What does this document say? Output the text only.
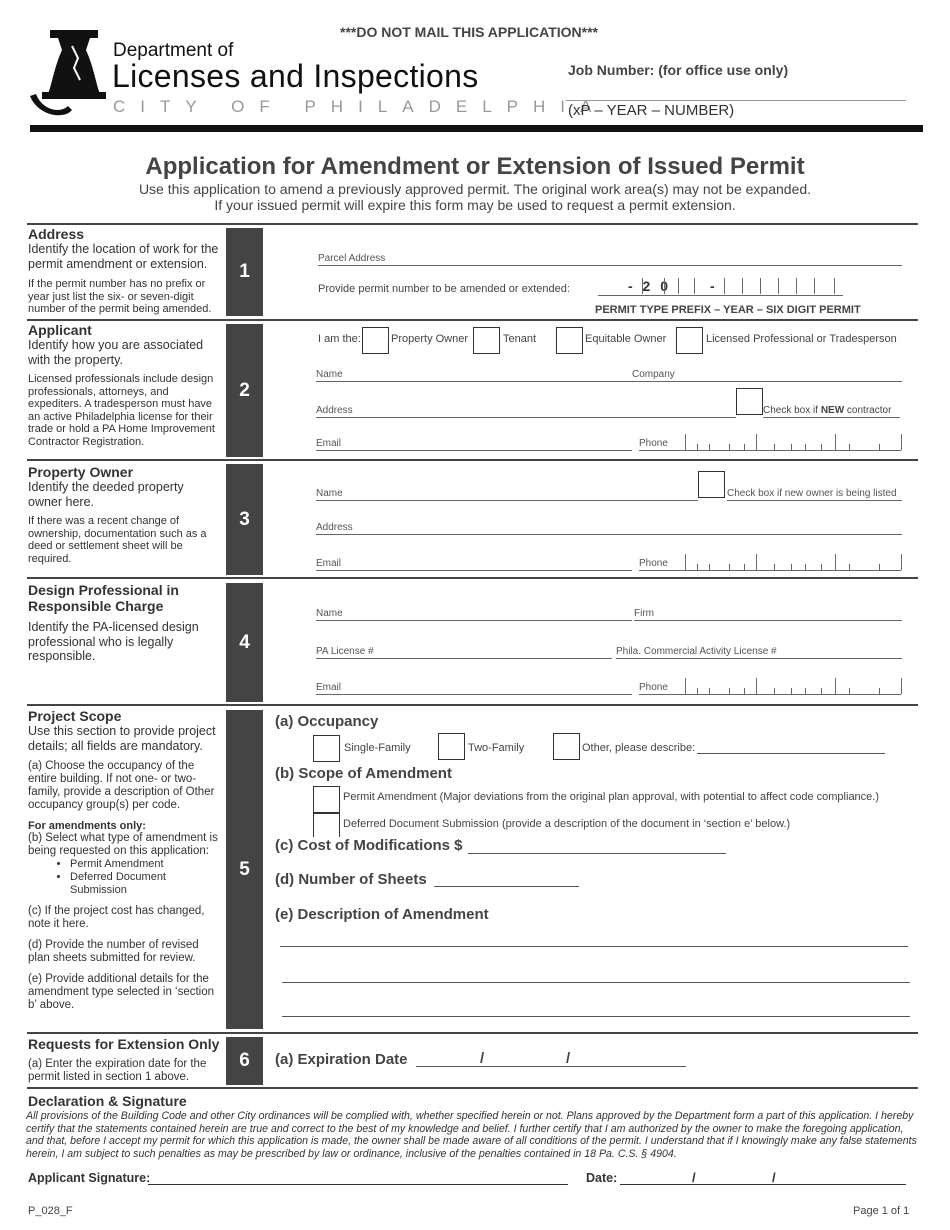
***DO NOT MAIL THIS APPLICATION***
Department of
Licenses and Inspections
CITY OF PHILADELPHIA
Job Number: (for office use only)
(xP – YEAR – NUMBER)
Application for Amendment or Extension of Issued Permit
Use this application to amend a previously approved permit. The original work area(s) may not be expanded.
If your issued permit will expire this form may be used to request a permit extension.
1
2
3
4
5
6
Address
Identify the location of work for the permit amendment or extension.
If the permit number has no prefix or year just list the six- or seven-digit number of the permit being amended.
Parcel Address
Provide permit number to be amended or extended:	- 2 0	-
PERMIT TYPE PREFIX – YEAR – SIX DIGIT PERMIT
Applicant
Identify how you are associated with the property.
Licensed professionals include design professionals, attorneys, and expediters. A tradesperson must have an active Philadelphia license for their trade or hold a PA Home Improvement Contractor Registration.
I am the:	Property Owner	Tenant	Equitable Owner	Licensed Professional or Tradesperson
Name	Company
Address	Check box if NEW contractor
Email	Phone
Property Owner
Identify the deeded property owner here.
If there was a recent change of ownership, documentation such as a deed or settlement sheet will be required.
Name	Check box if new owner is being listed
Address
Email	Phone
Design Professional in Responsible Charge
Identify the PA-licensed design professional who is legally responsible.
Name	Firm
PA License #	Phila. Commercial Activity License #
Email	Phone
Project Scope
Use this section to provide project details; all fields are mandatory.
(a) Choose the occupancy of the entire building. If not one- or two-family, provide a description of Other occupancy group(s) per code.
For amendments only:
(b) Select what type of amendment is being requested on this application:
• Permit Amendment
• Deferred Document Submission
(c) If the project cost has changed, note it here.
(d) Provide the number of revised plan sheets submitted for review.
(e) Provide additional details for the amendment type selected in ‘section b’ above.
(a) Occupancy
Single-Family	Two-Family	Other, please describe:
(b) Scope of Amendment
Permit Amendment (Major deviations from the original plan approval, with potential to affect code compliance.)
Deferred Document Submission (provide a description of the document in ‘section e’ below.)
(c) Cost of Modifications $
(d) Number of Sheets
(e) Description of Amendment
Requests for Extension Only
(a) Enter the expiration date for the permit listed in section 1 above.
(a) Expiration Date	/	/
Declaration & Signature
All provisions of the Building Code and other City ordinances will be complied with, whether specified herein or not. Plans approved by the Department form a part of this application. I hereby certify that the statements contained herein are true and correct to the best of my knowledge and belief. I further certify that I am authorized by the owner to make the foregoing application, and that, before I accept my permit for which this application is made, the owner shall be made aware of all conditions of the permit. I understand that if I knowingly make any false statements herein, I am subject to such penalties as may be prescribed by law or ordinance, inclusive of the penalties contained in 18 Pa. C.S. § 4904.
Applicant Signature:	Date:	/	/
P_028_F	Page 1 of 1
